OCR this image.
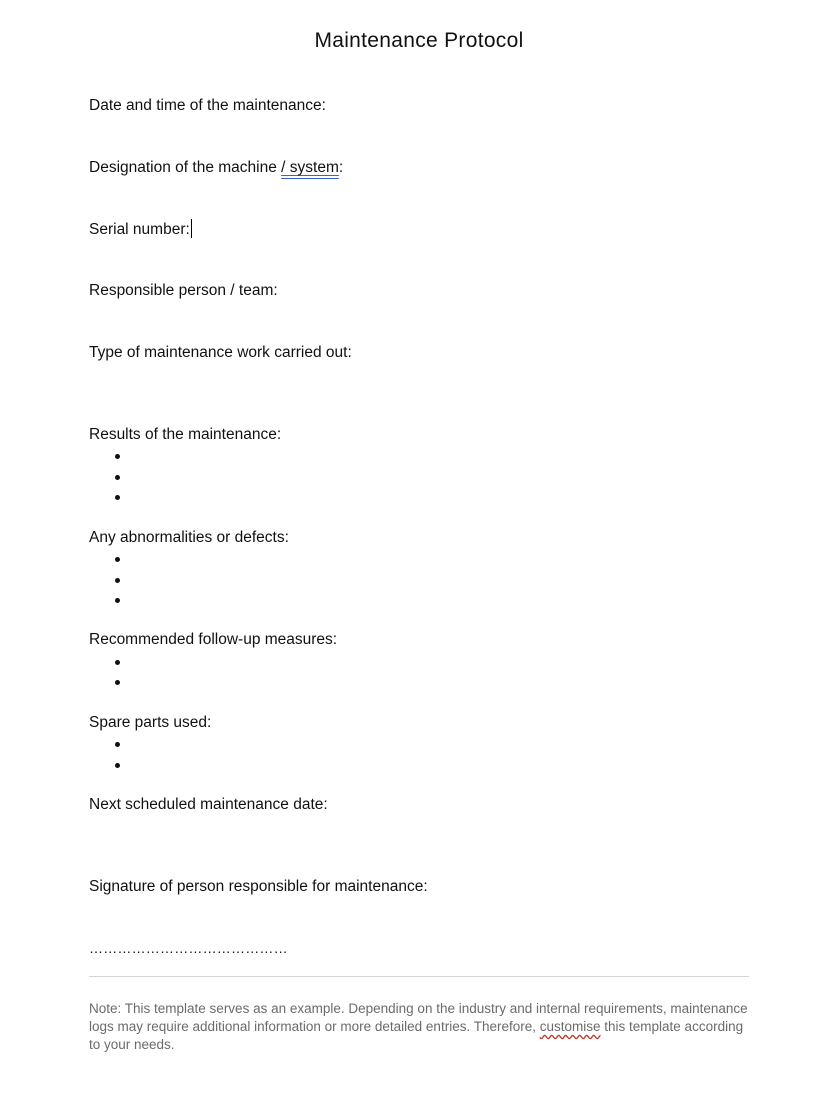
Maintenance Protocol
Date and time of the maintenance:
Designation of the machine / system:
Serial number:
Responsible person / team:
Type of maintenance work carried out:
Results of the maintenance:
Any abnormalities or defects:
Recommended follow-up measures:
Spare parts used:
Next scheduled maintenance date:
Signature of person responsible for maintenance:
……………………………………
Note: This template serves as an example. Depending on the industry and internal requirements, maintenance logs may require additional information or more detailed entries. Therefore, customise this template according to your needs.
